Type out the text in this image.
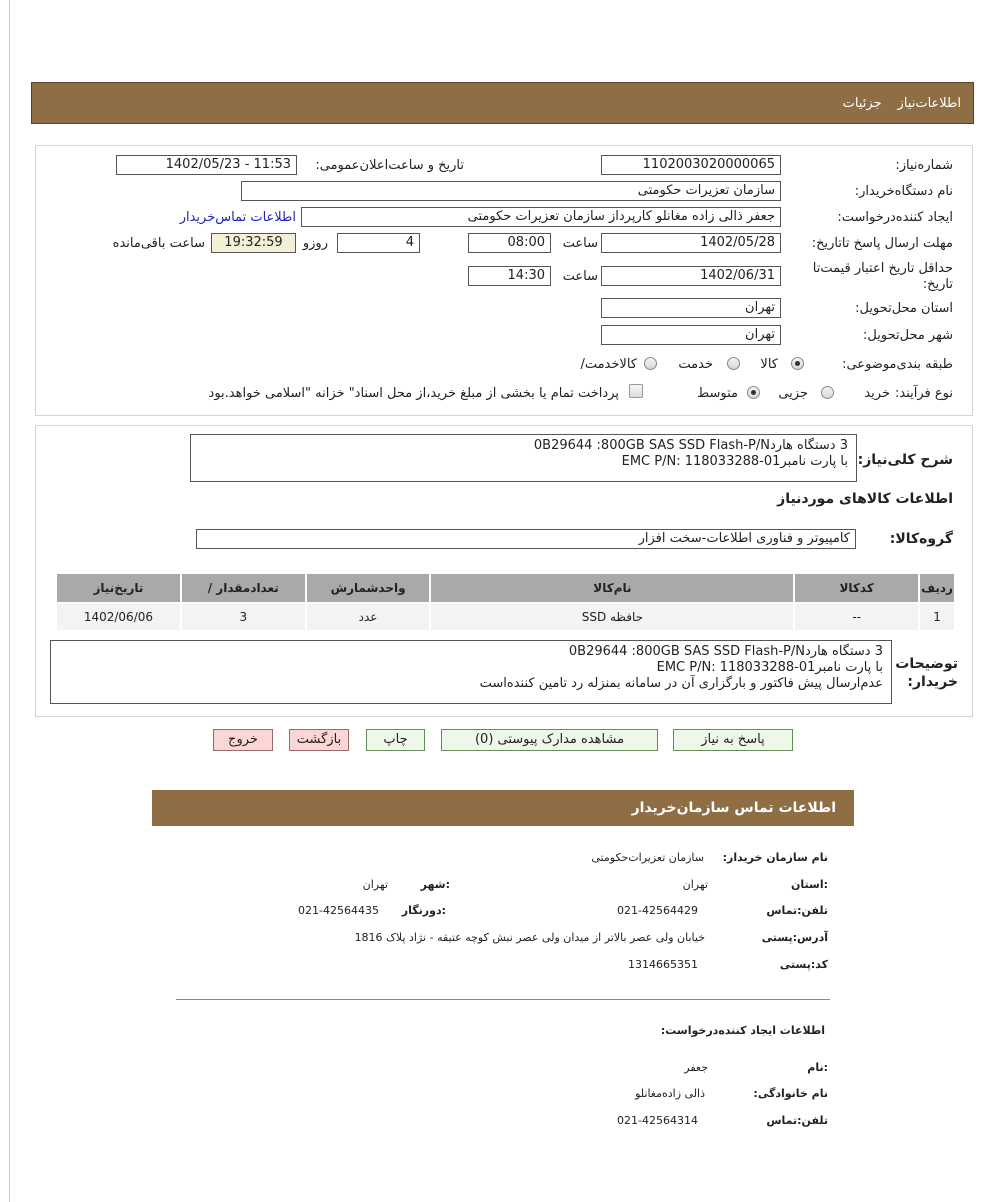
اطلاعات‌نیازجزئیات
شماره‌نیاز:
1102003020000065
تاریخ و ساعت‌اعلان‌عمومی:
1402/05/23 - 11:53
نام دستگاه‌خریدار:
سازمان تعزیرات حکومتی
ایجاد کننده‌درخواست:
جعفر ذالی زاده مغانلو کارپرداز سازمان تعزیرات حکومتی
اطلاعات تماس‌خریدار
مهلت ارسال پاسخ تا‌تاریخ:
1402/05/28
ساعت
08:00
4
روز‌و
19:32:59
ساعت باقی‌مانده
حداقل تاریخ اعتبار قیمت‌تا
تاریخ:
1402/06/31
ساعت
14:30
استان محل‌تحویل:
تهران
شهر محل‌تحویل:
تهران
طبقه بندی‌موضوعی:
کالا
خدمت
کالا‌خدمت/
نوع فرآیند:
خرید
جزیی
متوسط
پرداخت تمام یا بخشی از مبلغ خرید،از محل اسناد" خزانه "اسلامی خواهد.بود
شرح کلی‌نیاز:
3 دستگاه هارد‌0B29644 :800GB SAS SSD Flash-P/N
با پارت نامبر‌01-EMC P/N: 118033288
اطلاعات کالاهای موردنیاز
گروه‌کالا:
کامپیوتر و فناوری اطلاعات-سخت افزار
ردیف	کدکالا	نام‌کالا	واحد‌شمارش	تعداد‌مقدار /	تاریخ‌نیاز
1	--	حافظه SSD	عدد	3	1402/06/06
توضیحات
خریدار:
3 دستگاه هارد‌0B29644 :800GB SAS SSD Flash-P/N
با پارت نامبر‌01-EMC P/N: 118033288
عدم‌ارسال پیش فاکتور و بارگزاری آن در سامانه بمنزله رد تامین کننده‌است
پاسخ به نیاز
مشاهده مدارک پیوستی (0)
چاپ
بازگشت
خروج
اطلاعات تماس سازمان‌خریدار
نام سازمان‌ خریدار:
سازمان تعزیرات‌حکومتی
:استان
تهران
:شهر
تهران
تلفن‌:تماس
021-42564429
:دورنگار
021-42564435
آدرس‌:پستی
خیابان ولی عصر بالاتر از میدان ولی عصر نبش کوچه عتیقه - نژاد پلاک 1816
کد‌:پستی
1314665351
اطلاعات ایجاد کننده‌درخواست:
:نام
جعفر
نام خانوادگی:
ذالی زاده‌مغانلو
تلفن‌:تماس
021-42564314
